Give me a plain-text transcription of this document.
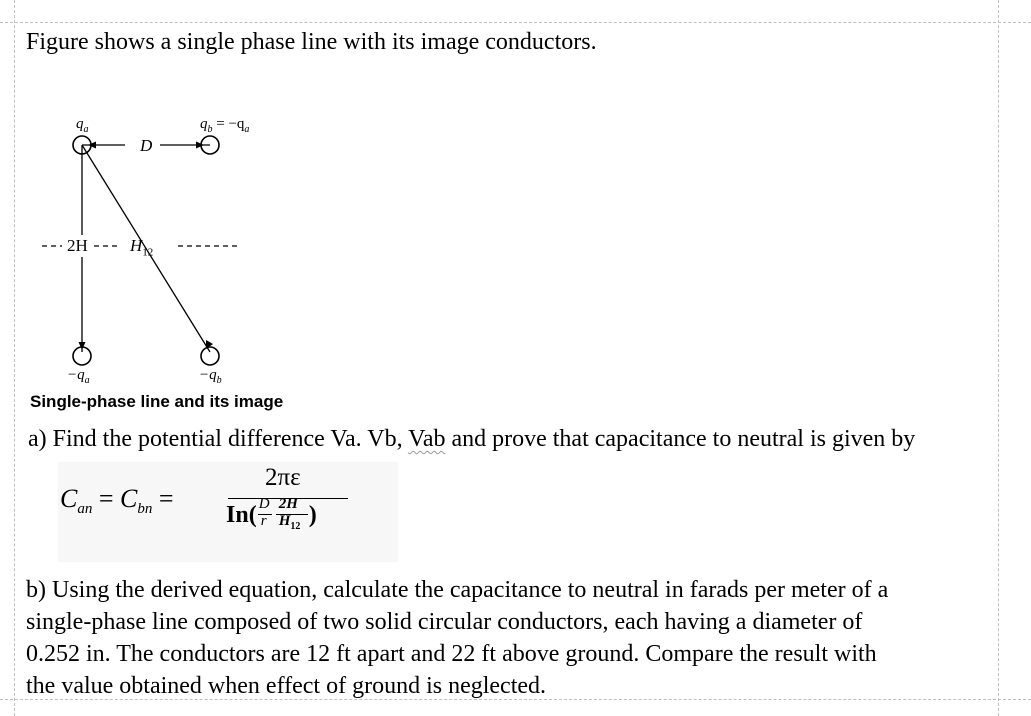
Figure shows a single phase line with its image conductors.
$q_a$	$q_b = -q_a$
D
2H $H_{12}$
$-q_a$	$-q_b$
Single-phase line and its image
a) Find the potential difference Va. Vb, Vab and prove that capacitance to neutral is given by
$C_{an} = C_{bn}$ =
2πε
$In( \frac{D}{r} \frac{2H}{H_{12}}$ )
b) Using the derived equation, calculate the capacitance to neutral in farads per meter of a
single-phase line composed of two solid circular conductors, each having a diameter of
0.252 in. The conductors are 12 ft apart and 22 ft above ground. Compare the result with
the value obtained when effect of ground is neglected.
